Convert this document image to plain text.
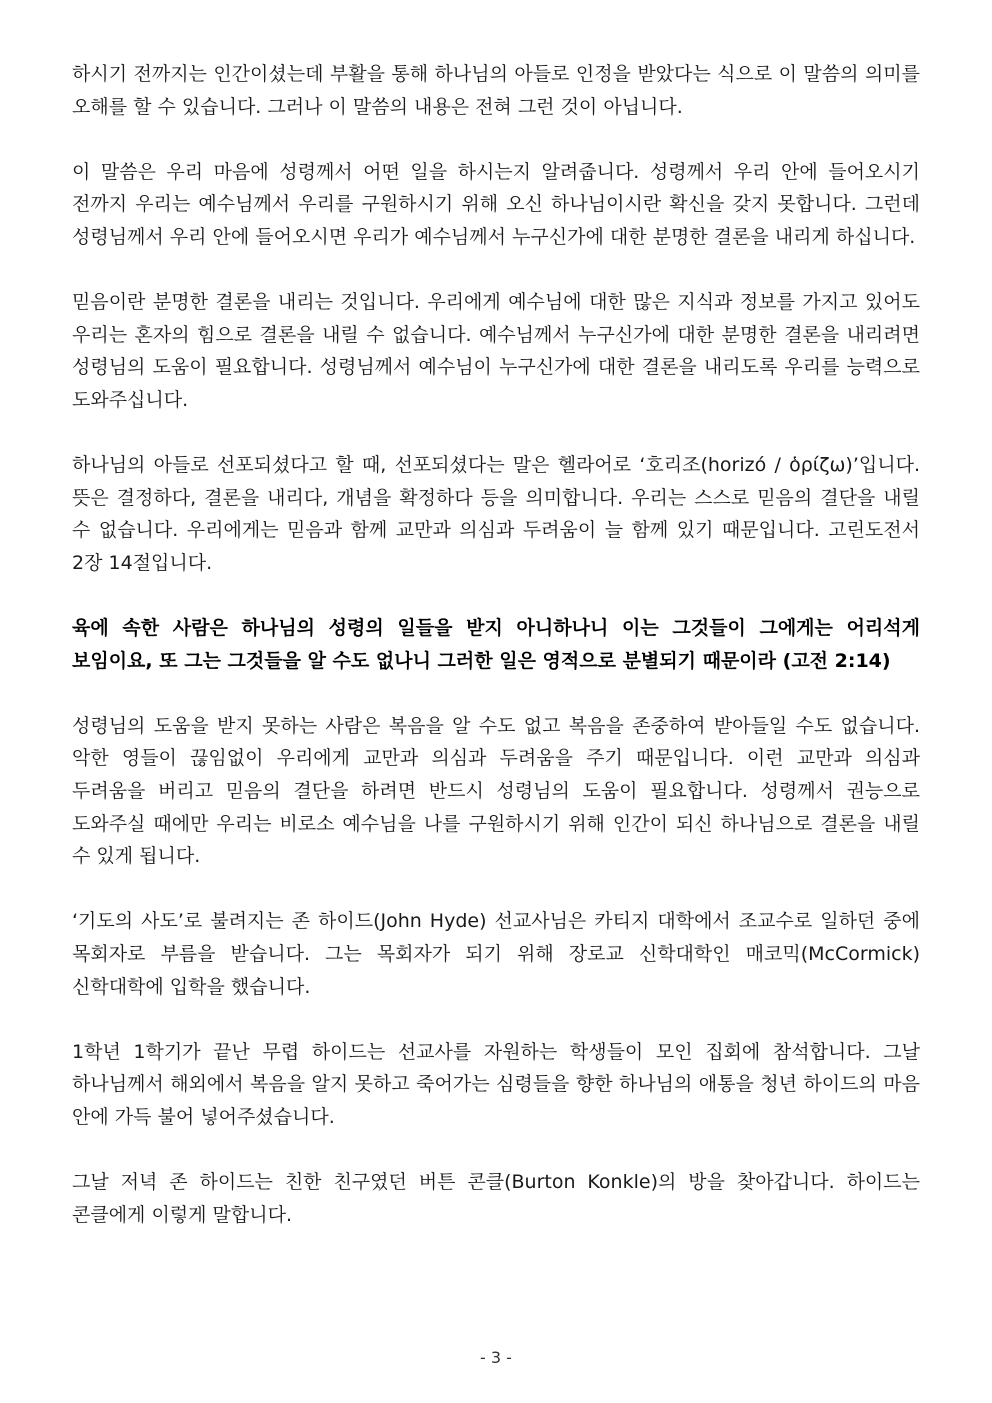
하시기 전까지는 인간이셨는데 부활을 통해 하나님의 아들로 인정을 받았다는 식으로 이 말씀의 의미를 오해를 할 수 있습니다. 그러나 이 말씀의 내용은 전혀 그런 것이 아닙니다.

이 말씀은 우리 마음에 성령께서 어떤 일을 하시는지 알려줍니다. 성령께서 우리 안에 들어오시기 전까지 우리는 예수님께서 우리를 구원하시기 위해 오신 하나님이시란 확신을 갖지 못합니다. 그런데 성령님께서 우리 안에 들어오시면 우리가 예수님께서 누구신가에 대한 분명한 결론을 내리게 하십니다.

믿음이란 분명한 결론을 내리는 것입니다. 우리에게 예수님에 대한 많은 지식과 정보를 가지고 있어도 우리는 혼자의 힘으로 결론을 내릴 수 없습니다. 예수님께서 누구신가에 대한 분명한 결론을 내리려면 성령님의 도움이 필요합니다. 성령님께서 예수님이 누구신가에 대한 결론을 내리도록 우리를 능력으로 도와주십니다.

하나님의 아들로 선포되셨다고 할 때, 선포되셨다는 말은 헬라어로 ‘호리조(horizó / ὁρίζω)’입니다. 뜻은 결정하다, 결론을 내리다, 개념을 확정하다 등을 의미합니다. 우리는 스스로 믿음의 결단을 내릴 수 없습니다. 우리에게는 믿음과 함께 교만과 의심과 두려움이 늘 함께 있기 때문입니다. 고린도전서 2장 14절입니다.

육에 속한 사람은 하나님의 성령의 일들을 받지 아니하나니 이는 그것들이 그에게는 어리석게 보임이요, 또 그는 그것들을 알 수도 없나니 그러한 일은 영적으로 분별되기 때문이라 (고전 2:14)

성령님의 도움을 받지 못하는 사람은 복음을 알 수도 없고 복음을 존중하여 받아들일 수도 없습니다. 악한 영들이 끊임없이 우리에게 교만과 의심과 두려움을 주기 때문입니다. 이런 교만과 의심과 두려움을 버리고 믿음의 결단을 하려면 반드시 성령님의 도움이 필요합니다. 성령께서 권능으로 도와주실 때에만 우리는 비로소 예수님을 나를 구원하시기 위해 인간이 되신 하나님으로 결론을 내릴 수 있게 됩니다.

‘기도의 사도’로 불려지는 존 하이드(John Hyde) 선교사님은 카티지 대학에서 조교수로 일하던 중에 목회자로 부름을 받습니다. 그는 목회자가 되기 위해 장로교 신학대학인 매코믹(McCormick) 신학대학에 입학을 했습니다.

1학년 1학기가 끝난 무렵 하이드는 선교사를 자원하는 학생들이 모인 집회에 참석합니다. 그날 하나님께서 해외에서 복음을 알지 못하고 죽어가는 심령들을 향한 하나님의 애통을 청년 하이드의 마음 안에 가득 불어 넣어주셨습니다.

그날 저녁 존 하이드는 친한 친구였던 버튼 콘클(Burton Konkle)의 방을 찾아갑니다. 하이드는 콘클에게 이렇게 말합니다.

- 3 -
